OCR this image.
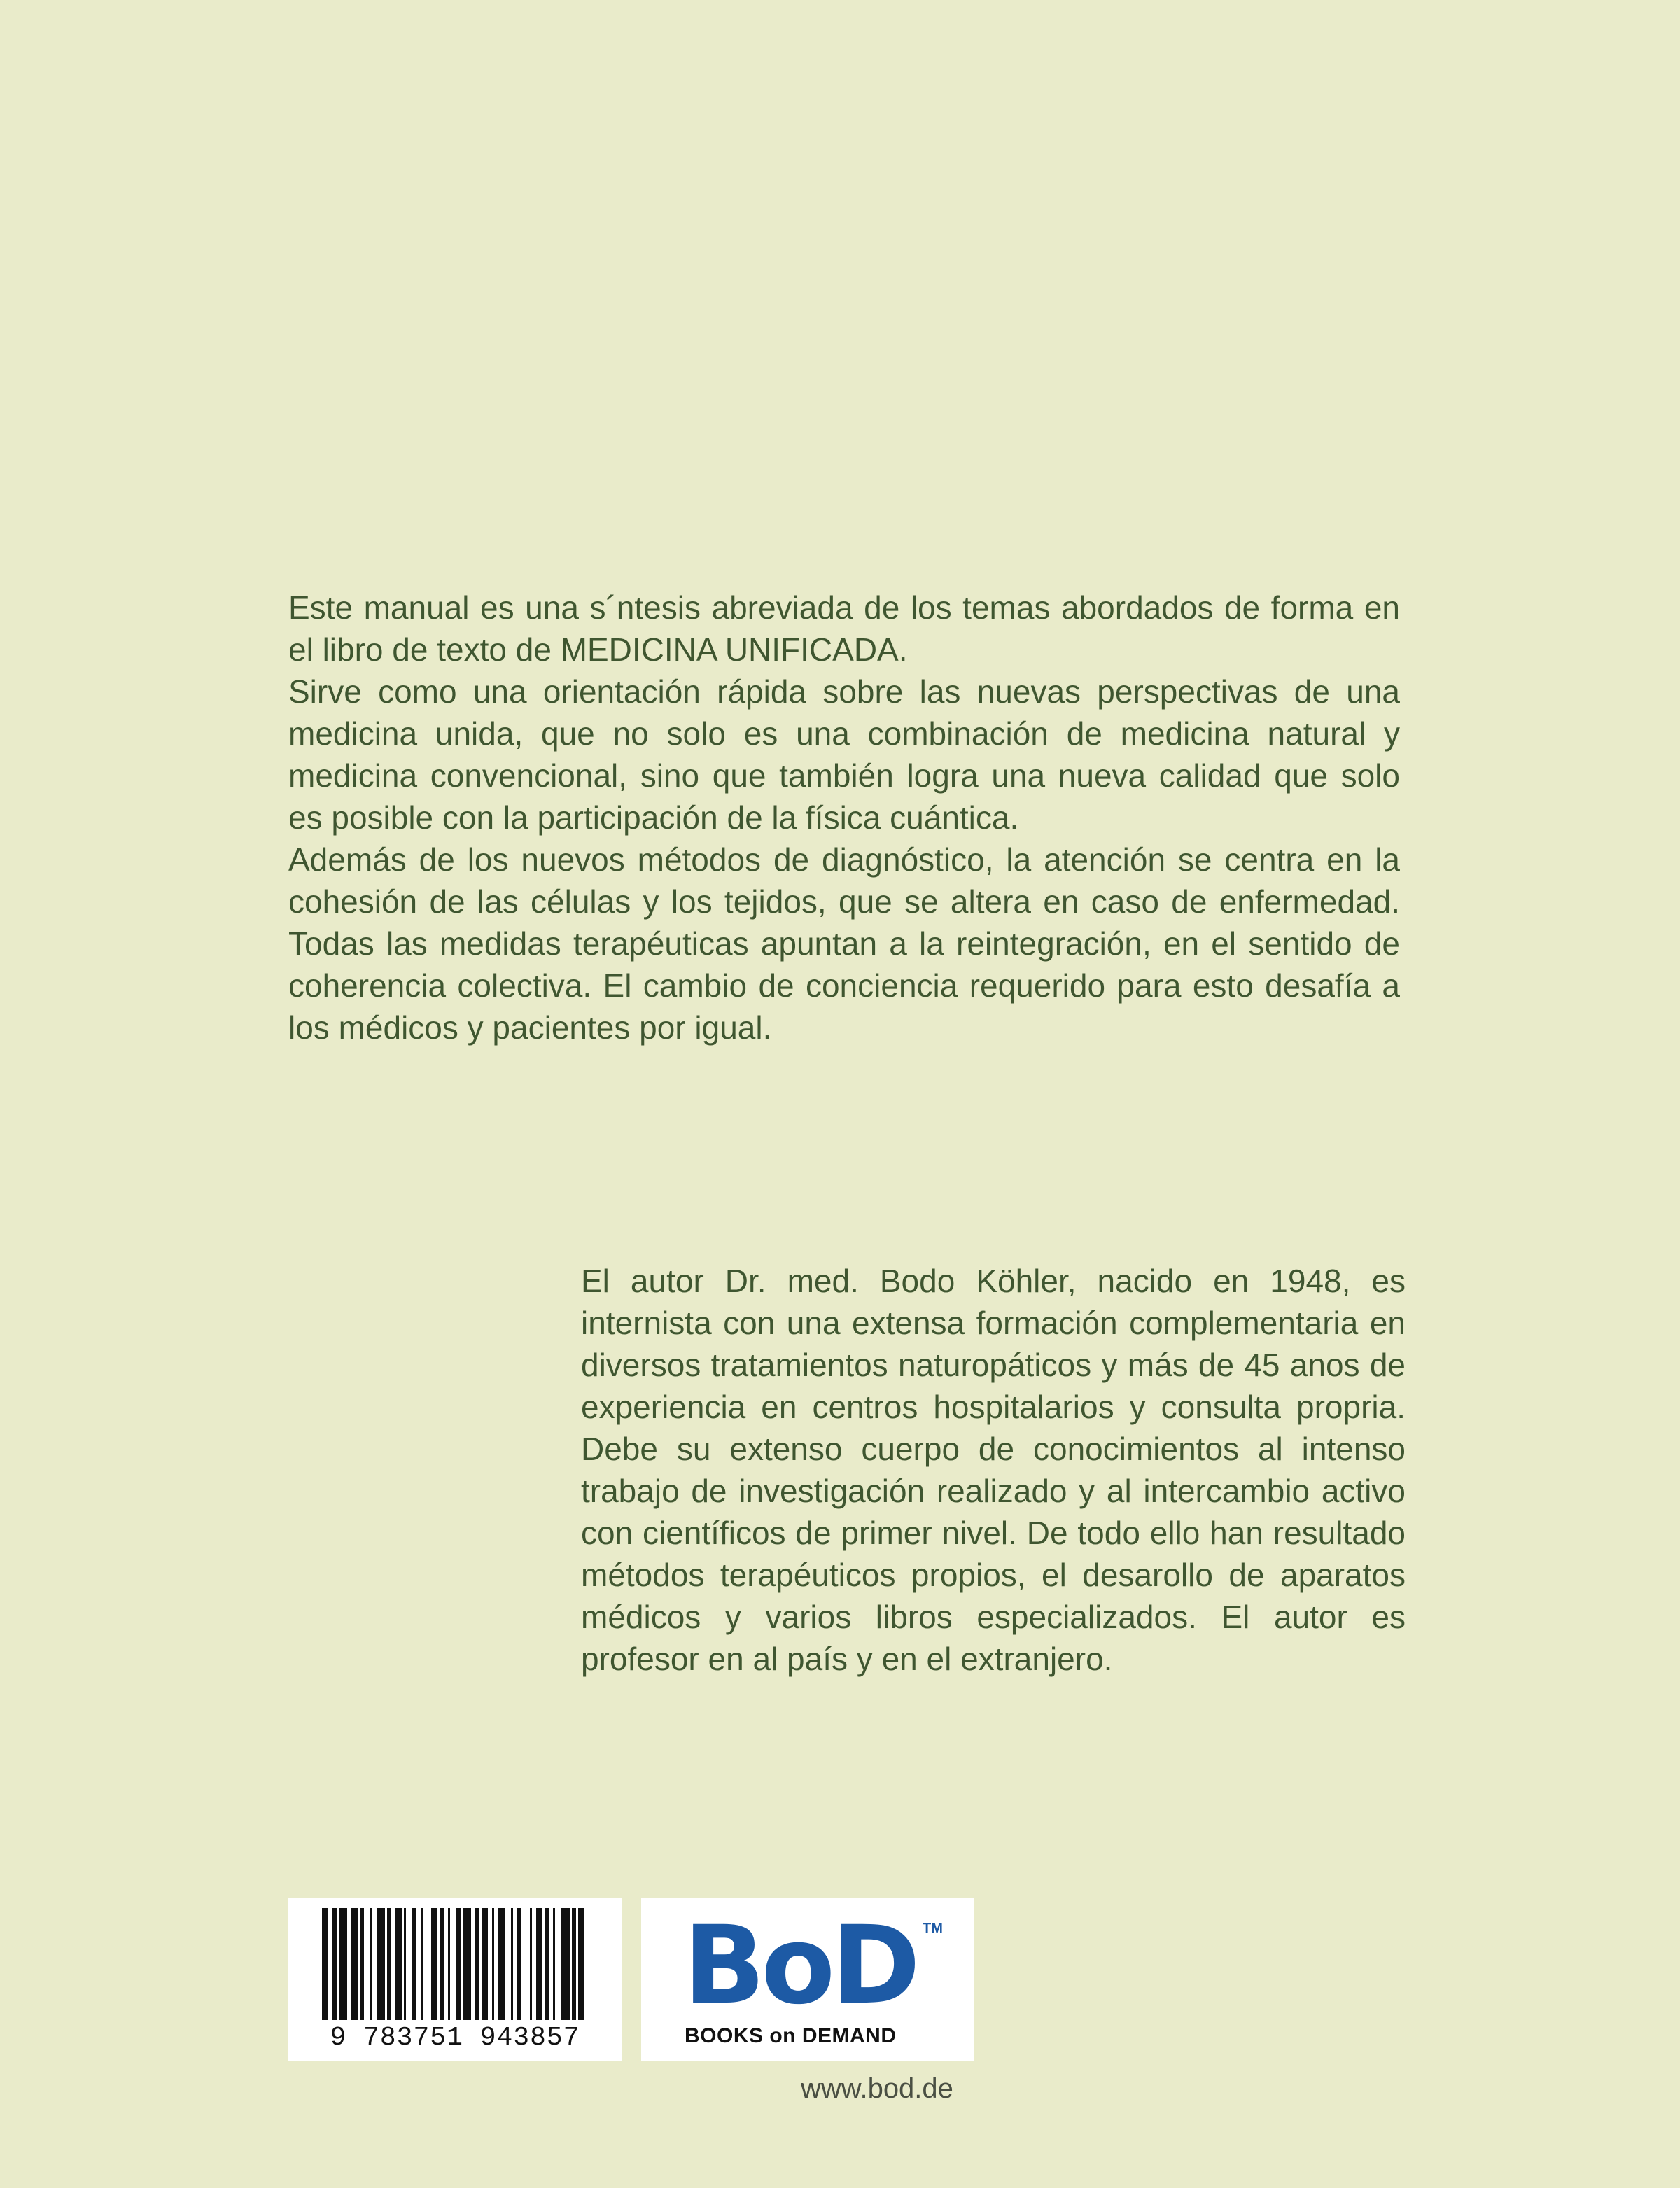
Este manual es una s´ntesis abreviada de los temas abordados de forma en el libro de texto de MEDICINA UNIFICADA.

Sirve como una orientación rápida sobre las nuevas perspectivas de una medicina unida, que no solo es una combinación de medicina natural y medicina convencional, sino que también logra una nueva calidad que solo es posible con la participación de la física cuántica.

Además de los nuevos métodos de diagnóstico, la atención se centra en la cohesión de las células y los tejidos, que se altera en caso de enfermedad. Todas las medidas terapéuticas apuntan a la reintegración, en el sentido de coherencia colectiva. El cambio de conciencia requerido para esto desafía a los médicos y pacientes por igual.

El autor Dr. med. Bodo Köhler, nacido en 1948, es internista con una extensa formación complementaria en diversos tratamientos naturopáticos y más de 45 anos de experiencia en centros hospitalarios y consulta propria. Debe su extenso cuerpo de conocimientos al intenso trabajo de investigación realizado y al intercambio activo con científicos de primer nivel. De todo ello han resultado métodos terapéuticos propios, el desarollo de aparatos médicos y varios libros especializados. El autor es profesor en al país y en el extranjero.

9 783751 943857
BoD TM
BOOKS on DEMAND
www.bod.de
